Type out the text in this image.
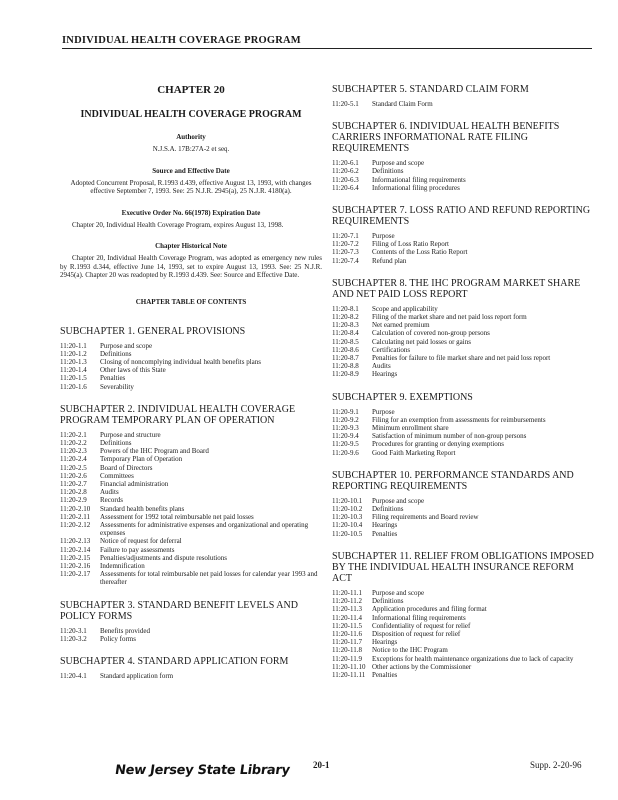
INDIVIDUAL HEALTH COVERAGE PROGRAM
CHAPTER 20
INDIVIDUAL HEALTH COVERAGE PROGRAM
Authority
N.J.S.A. 17B:27A-2 et seq.
Source and Effective Date
Adopted Concurrent Proposal, R.1993 d.439, effective August 13, 1993, with changes effective September 7, 1993. See: 25 N.J.R. 2945(a), 25 N.J.R. 4180(a).
Executive Order No. 66(1978) Expiration Date
Chapter 20, Individual Health Coverage Program, expires August 13, 1998.
Chapter Historical Note
Chapter 20, Individual Health Coverage Program, was adopted as emergency new rules by R.1993 d.344, effective June 14, 1993, set to expire August 13, 1993. See: 25 N.J.R. 2945(a). Chapter 20 was readopted by R.1993 d.439. See: Source and Effective Date.
CHAPTER TABLE OF CONTENTS
SUBCHAPTER 1. GENERAL PROVISIONS
11:20-1.1	Purpose and scope
11:20-1.2	Definitions
11:20-1.3	Closing of noncomplying individual health benefits plans
11:20-1.4	Other laws of this State
11:20-1.5	Penalties
11:20-1.6	Severability
SUBCHAPTER 2. INDIVIDUAL HEALTH COVERAGE PROGRAM TEMPORARY PLAN OF OPERATION
11:20-2.1	Purpose and structure
11:20-2.2	Definitions
11:20-2.3	Powers of the IHC Program and Board
11:20-2.4	Temporary Plan of Operation
11:20-2.5	Board of Directors
11:20-2.6	Committees
11:20-2.7	Financial administration
11:20-2.8	Audits
11:20-2.9	Records
11:20-2.10	Standard health benefits plans
11:20-2.11	Assessment for 1992 total reimbursable net paid losses
11:20-2.12	Assessments for administrative expenses and organizational and operating expenses
11:20-2.13	Notice of request for deferral
11:20-2.14	Failure to pay assessments
11:20-2.15	Penalties/adjustments and dispute resolutions
11:20-2.16	Indemnification
11:20-2.17	Assessments for total reimbursable net paid losses for calendar year 1993 and thereafter
SUBCHAPTER 3. STANDARD BENEFIT LEVELS AND POLICY FORMS
11:20-3.1	Benefits provided
11:20-3.2	Policy forms
SUBCHAPTER 4. STANDARD APPLICATION FORM
11:20-4.1	Standard application form
SUBCHAPTER 5. STANDARD CLAIM FORM
11:20-5.1	Standard Claim Form
SUBCHAPTER 6. INDIVIDUAL HEALTH BENEFITS CARRIERS INFORMATIONAL RATE FILING REQUIREMENTS
11:20-6.1	Purpose and scope
11:20-6.2	Definitions
11:20-6.3	Informational filing requirements
11:20-6.4	Informational filing procedures
SUBCHAPTER 7. LOSS RATIO AND REFUND REPORTING REQUIREMENTS
11:20-7.1	Purpose
11:20-7.2	Filing of Loss Ratio Report
11:20-7.3	Contents of the Loss Ratio Report
11:20-7.4	Refund plan
SUBCHAPTER 8. THE IHC PROGRAM MARKET SHARE AND NET PAID LOSS REPORT
11:20-8.1	Scope and applicability
11:20-8.2	Filing of the market share and net paid loss report form
11:20-8.3	Net earned premium
11:20-8.4	Calculation of covered non-group persons
11:20-8.5	Calculating net paid losses or gains
11:20-8.6	Certifications
11:20-8.7	Penalties for failure to file market share and net paid loss report
11:20-8.8	Audits
11:20-8.9	Hearings
SUBCHAPTER 9. EXEMPTIONS
11:20-9.1	Purpose
11:20-9.2	Filing for an exemption from assessments for reimbursements
11:20-9.3	Minimum enrollment share
11:20-9.4	Satisfaction of minimum number of non-group persons
11:20-9.5	Procedures for granting or denying exemptions
11:20-9.6	Good Faith Marketing Report
SUBCHAPTER 10. PERFORMANCE STANDARDS AND REPORTING REQUIREMENTS
11:20-10.1	Purpose and scope
11:20-10.2	Definitions
11:20-10.3	Filing requirements and Board review
11:20-10.4	Hearings
11:20-10.5	Penalties
SUBCHAPTER 11. RELIEF FROM OBLIGATIONS IMPOSED BY THE INDIVIDUAL HEALTH INSURANCE REFORM ACT
11:20-11.1	Purpose and scope
11:20-11.2	Definitions
11:20-11.3	Application procedures and filing format
11:20-11.4	Informational filing requirements
11:20-11.5	Confidentiality of request for relief
11:20-11.6	Disposition of request for relief
11:20-11.7	Hearings
11:20-11.8	Notice to the IHC Program
11:20-11.9	Exceptions for health maintenance organizations due to lack of capacity
11:20-11.10 Other actions by the Commissioner
11:20-11.11 Penalties
New Jersey State Library 20-1	Supp. 2-20-96
